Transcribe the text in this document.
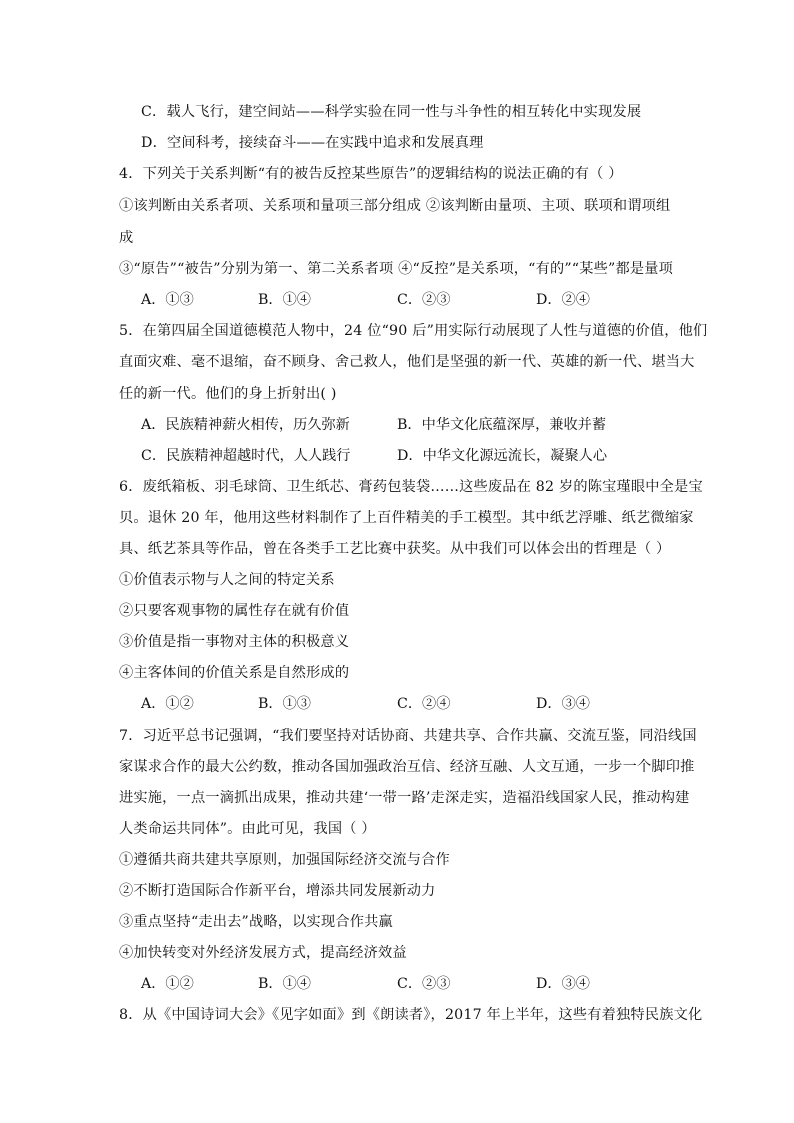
C．载人飞行，建空间站——科学实验在同一性与斗争性的相互转化中实现发展
D．空间科考，接续奋斗——在实践中追求和发展真理
4．下列关于关系判断“有的被告反控某些原告”的逻辑结构的说法正确的有（ ）
①该判断由关系者项、关系项和量项三部分组成 ②该判断由量项、主项、联项和谓项组
成
③“原告”“被告”分别为第一、第二关系者项 ④“反控”是关系项，“有的”“某些”都是量项
A．①③	B．①④	C．②③	D．②④
5．在第四届全国道德模范人物中，24 位“90 后”用实际行动展现了人性与道德的价值，他们
直面灾难、毫不退缩，奋不顾身、舍己救人，他们是坚强的新一代、英雄的新一代、堪当大
任的新一代。他们的身上折射出( )
A．民族精神薪火相传，历久弥新	B．中华文化底蕴深厚，兼收并蓄
C．民族精神超越时代，人人践行	D．中华文化源远流长，凝聚人心
6．废纸箱板、羽毛球筒、卫生纸芯、膏药包装袋……这些废品在 82 岁的陈宝瑾眼中全是宝
贝。退休 20 年，他用这些材料制作了上百件精美的手工模型。其中纸艺浮雕、纸艺微缩家
具、纸艺茶具等作品，曾在各类手工艺比赛中获奖。从中我们可以体会出的哲理是（ ）
①价值表示物与人之间的特定关系
②只要客观事物的属性存在就有价值
③价值是指一事物对主体的积极意义
④主客体间的价值关系是自然形成的
A．①②	B．①③	C．②④	D．③④
7．习近平总书记强调，“我们要坚持对话协商、共建共享、合作共赢、交流互鉴，同沿线国
家谋求合作的最大公约数，推动各国加强政治互信、经济互融、人文互通，一步一个脚印推
进实施，一点一滴抓出成果，推动共建‘一带一路’走深走实，造福沿线国家人民，推动构建
人类命运共同体”。由此可见，我国（ ）
①遵循共商共建共享原则，加强国际经济交流与合作
②不断打造国际合作新平台，增添共同发展新动力
③重点坚持“走出去”战略，以实现合作共赢
④加快转变对外经济发展方式，提高经济效益
A．①②	B．①④	C．②③	D．③④
8．从《中国诗词大会》《见字如面》到《朗读者》，2017 年上半年，这些有着独特民族文化
